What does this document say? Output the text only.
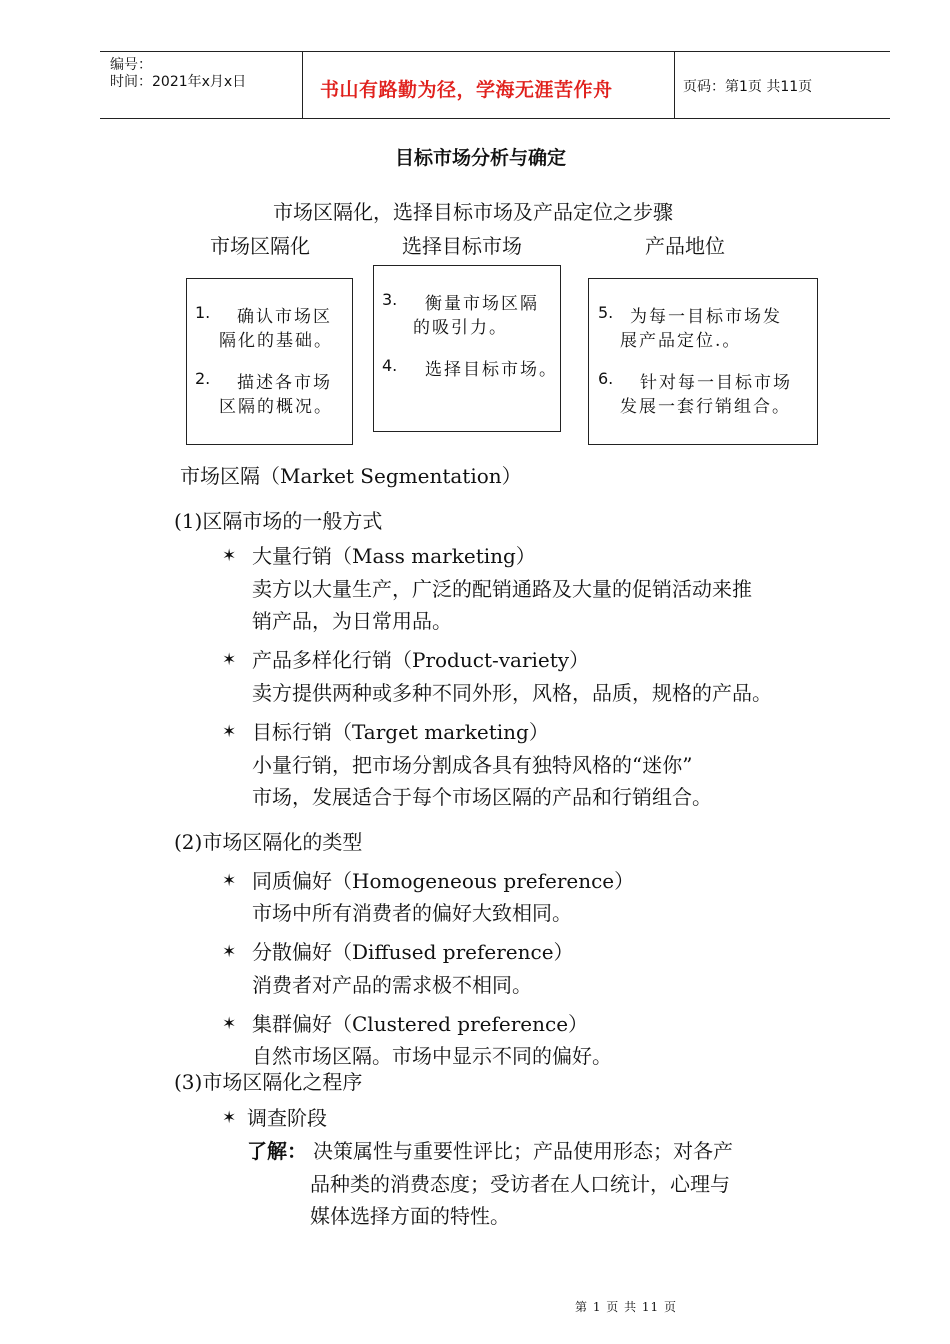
编号：
时间：2021年x月x日	书山有路勤为径，学海无涯苦作舟	页码：第1页 共11页
目标市场分析与确定
市场区隔化，选择目标市场及产品定位之步骤
市场区隔化	选择目标市场	产品地位
1. 确认市场区
隔化的基础。
2. 描述各市场
区隔的概况。
3. 衡量市场区隔
的吸引力。
4. 选择目标市场。
5. 为每一目标市场发
展产品定位.。
6. 针对每一目标市场
发展一套行销组合。
市场区隔（Market Segmentation）
(1)区隔市场的一般方式
✶ 大量行销（Mass marketing）
卖方以大量生产，广泛的配销通路及大量的促销活动来推
销产品，为日常用品。
✶ 产品多样化行销（Product-variety）
卖方提供两种或多种不同外形，风格，品质，规格的产品。
✶ 目标行销（Target marketing）
小量行销，把市场分割成各具有独特风格的“迷你”
市场，发展适合于每个市场区隔的产品和行销组合。
(2)市场区隔化的类型
✶ 同质偏好（Homogeneous preference）
市场中所有消费者的偏好大致相同。
✶ 分散偏好（Diffused preference）
消费者对产品的需求极不相同。
✶ 集群偏好（Clustered preference）
自然市场区隔。市场中显示不同的偏好。
(3)市场区隔化之程序
✶ 调查阶段
了解： 决策属性与重要性评比；产品使用形态；对各产
品种类的消费态度；受访者在人口统计，心理与
媒体选择方面的特性。
第 1 页 共 11 页
